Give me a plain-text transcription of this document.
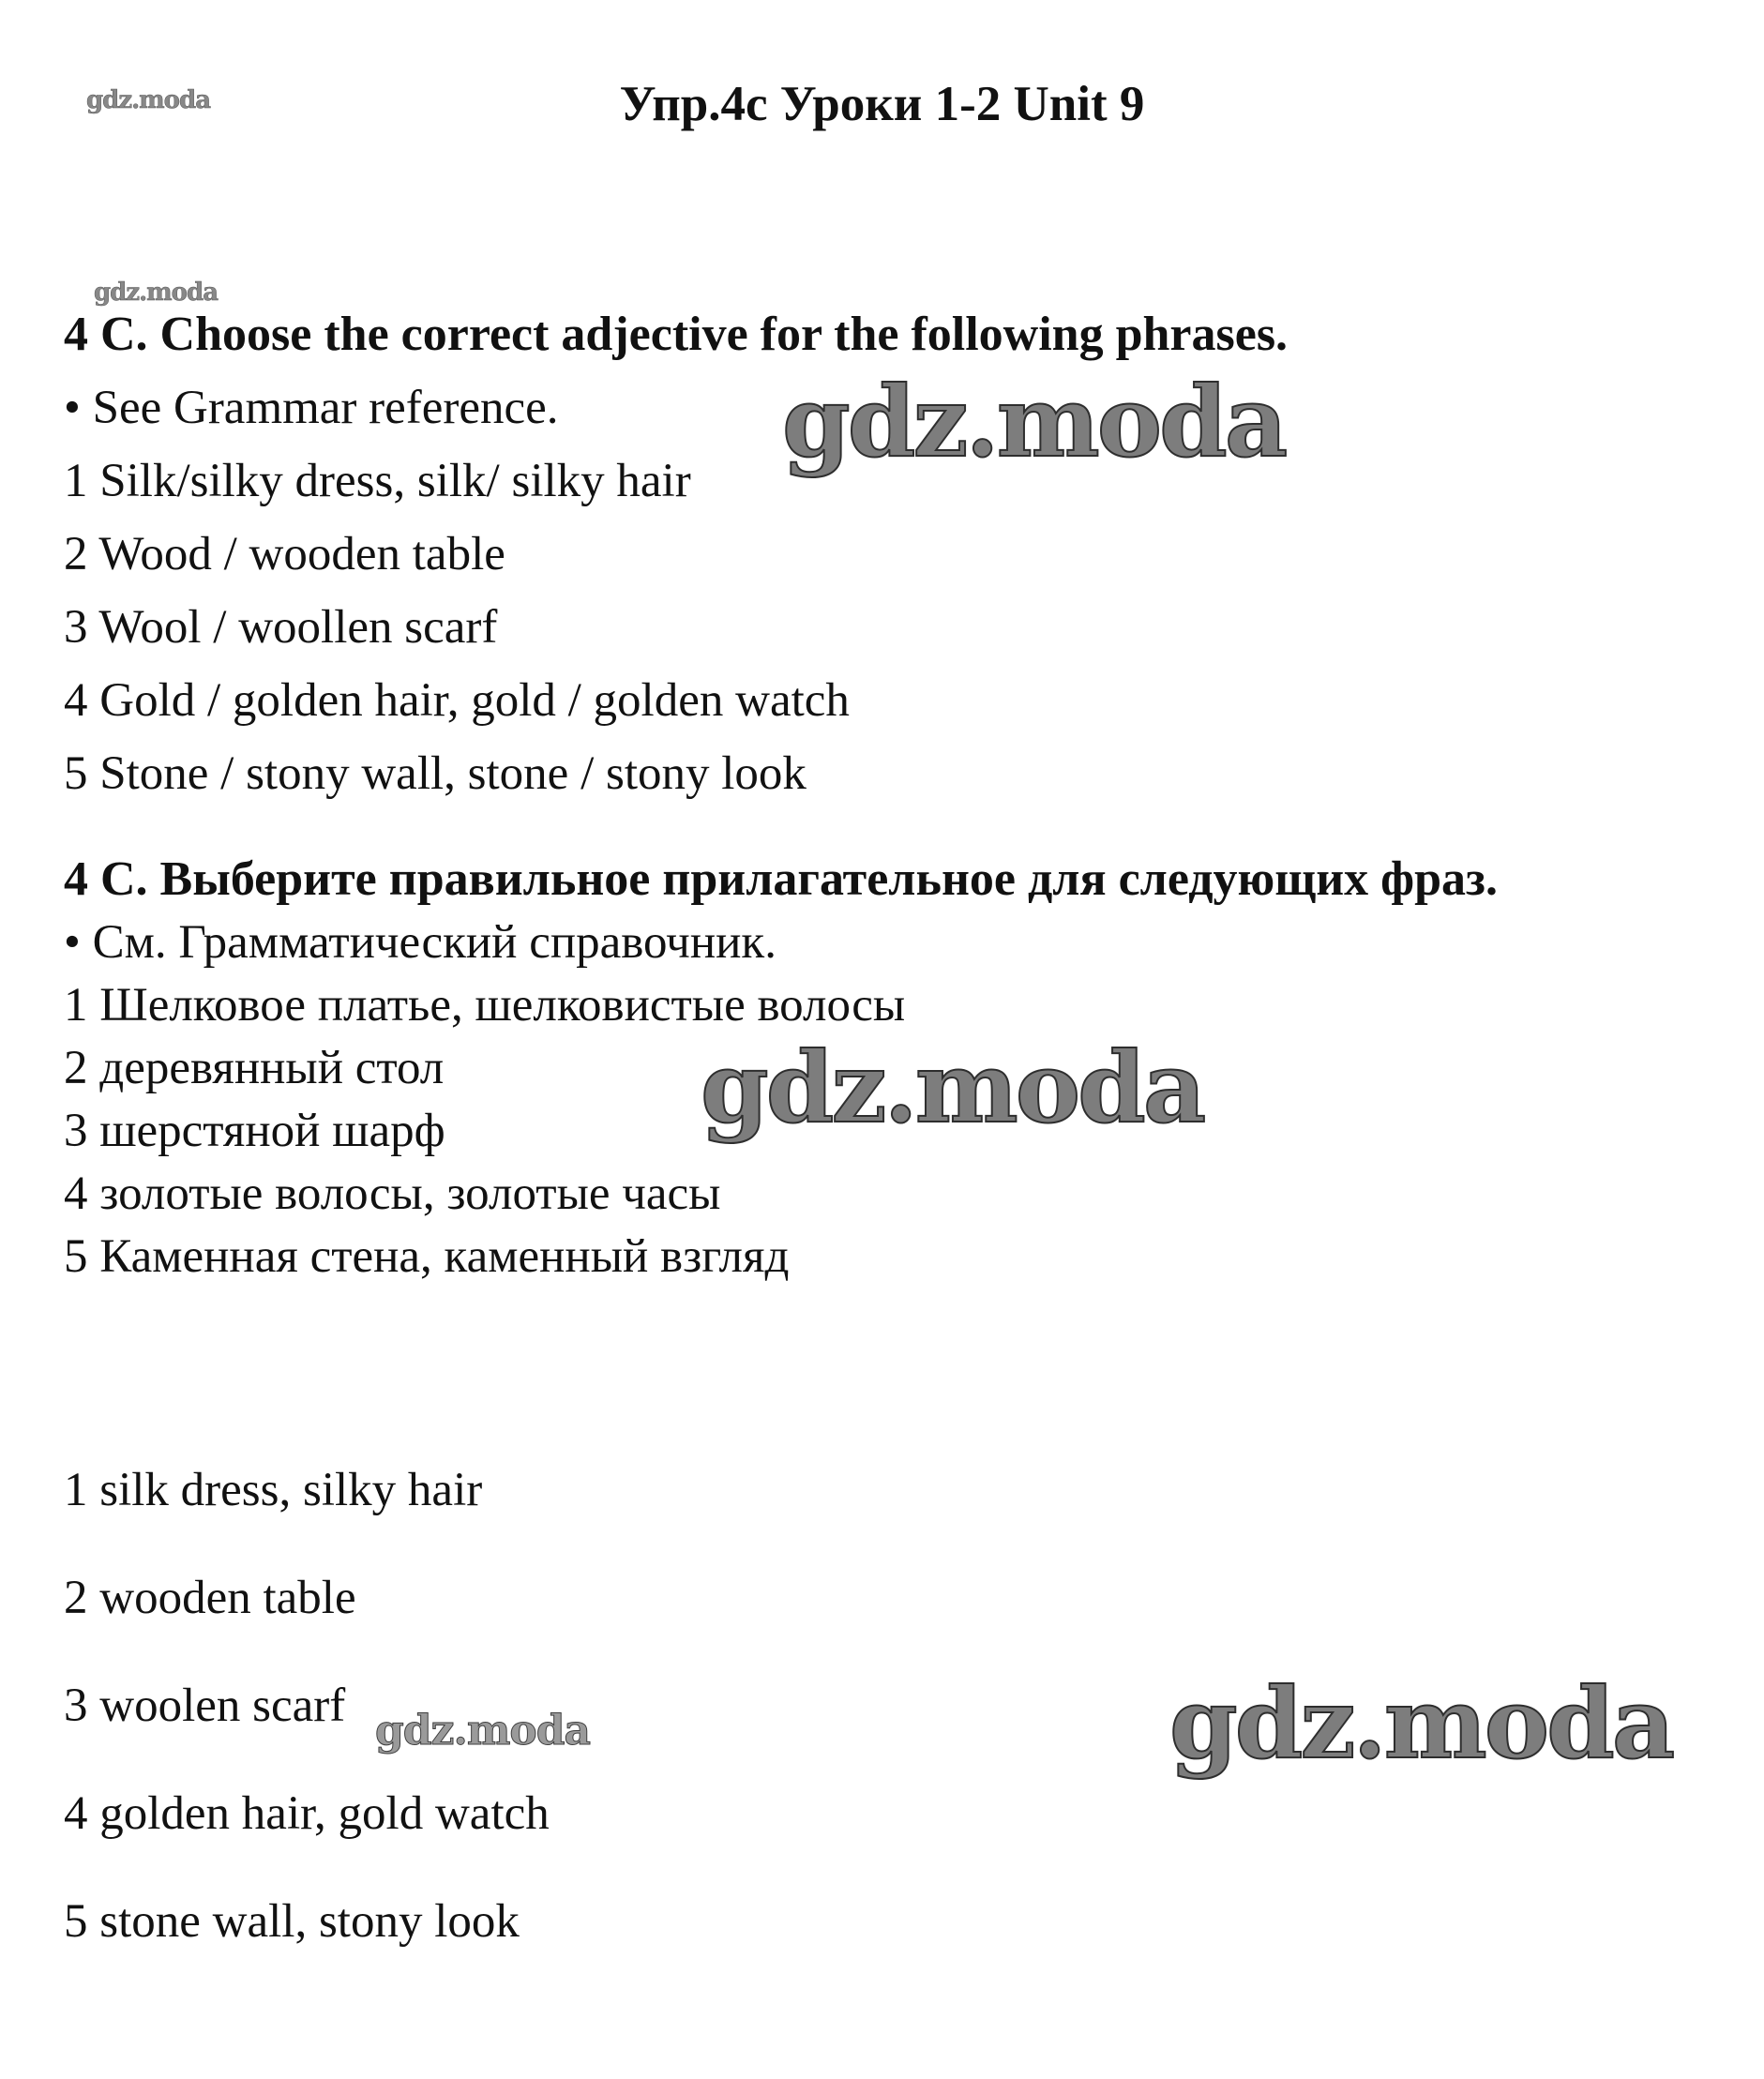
Упр.4c Уроки 1-2 Unit 9
4 C. Choose the correct adjective for the following phrases.
• See Grammar reference.
1 Silk/silky dress, silk/ silky hair
2 Wood / wooden table
3 Wool / woollen scarf
4 Gold / golden hair, gold / golden watch
5 Stone / stony wall, stone / stony look
4 C. Выберите правильное прилагательное для следующих фраз.
• См. Грамматический справочник.
1 Шелковое платье, шелковистые волосы
2 деревянный стол
3 шерстяной шарф
4 золотые волосы, золотые часы
5 Каменная стена, каменный взгляд
1 silk dress, silky hair
2 wooden table
3 woolen scarf
4 golden hair, gold watch
5 stone wall, stony look
gdz.moda
gdz.moda
gdz.moda
gdz.moda
gdz.moda	gdz.moda
